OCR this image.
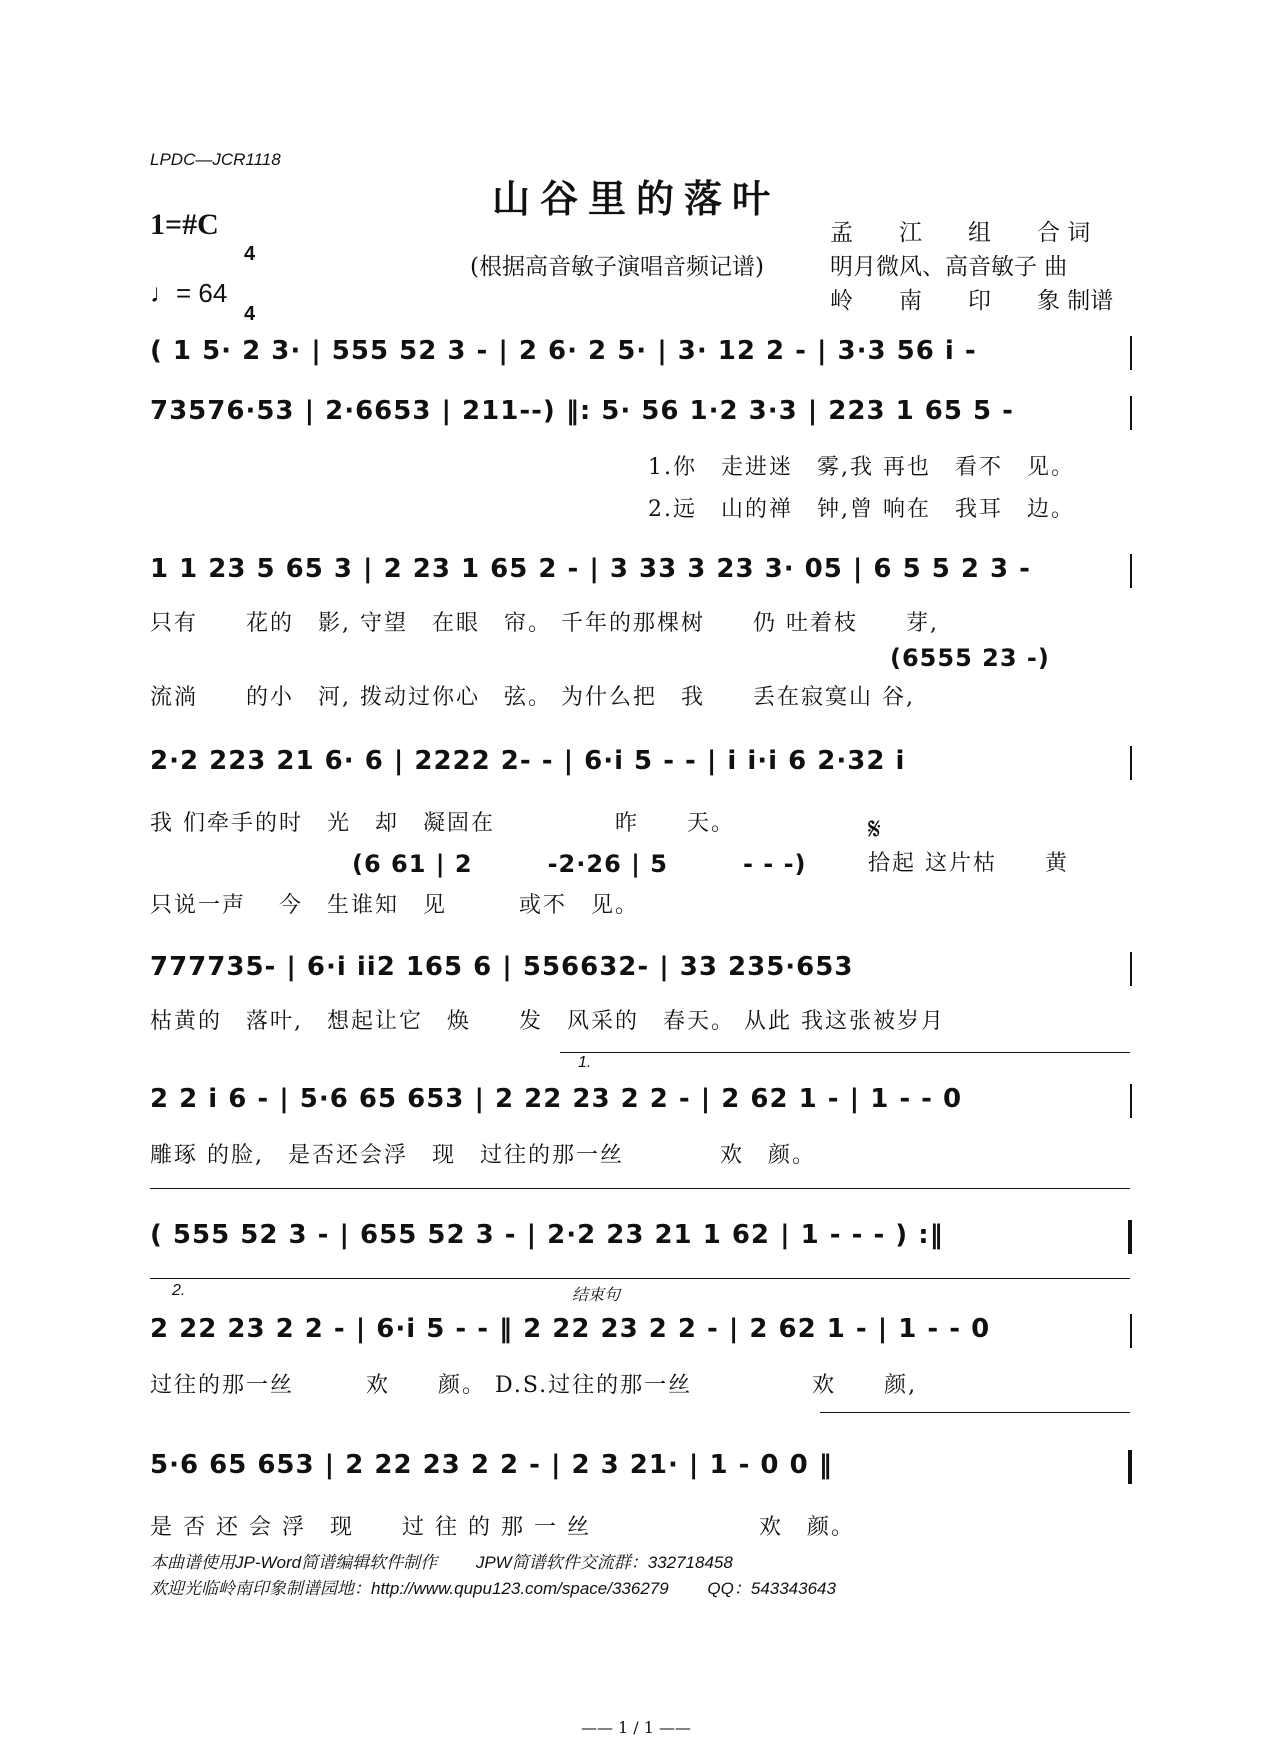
LPDC—JCR1118
山谷里的落叶
1=#C

4

4

♩= 64
孟　　江　　组　　合 词
(根据高音敏子演唱音频记谱)	明月微风、高音敏子 曲
岭　　南　　印　　象 制谱
( 1 5· 2 3· | 555 52 3 - | 2 6· 2 5· | 3· 12 2 - | 3·3 56 i -
73576·53 | 2·6653 | 211--) ‖: 5· 56 1·2 3·3 | 223 1 65 5 -
1.你　走进迷　雾,我 再也　看不　见。
2.远　山的禅　钟,曾 响在　我耳　边。
1 1 23 5 65 3 | 2 23 1 65 2 - | 3 33 3 23 3· 05 | 6 5 5 2 3 -
只有　　花的　影, 守望　在眼　帘。 千年的那棵树　　仍 吐着枝　　芽,
(6555 23 -)
流淌　　的小　河, 拨动过你心　弦。 为什么把　我　　丢在寂寞山 谷,
2·2 223 21 6· 6 | 2222 2- - | 6·i 5 - - | i i·i 6 2·32 i
我 们牵手的时　光　却　凝固在　　　　　昨　　天。
(6 61 | 2　　　-2·26 | 5　　　- - -)
只说一声　 今　生谁知　见　　　或不　见。
𝄋
拾起 这片枯　　黄
777735- | 6·i ii2 165 6 | 556632- | 33 235·653
枯黄的　落叶,　想起让它　焕　　发　风采的　春天。 从此 我这张被岁月
1.
2 2 i 6 - | 5·6 65 653 | 2 22 23 2 2 - | 2 62 1 - | 1 - - 0
雕琢 的脸,　是否还会浮　现　过往的那一丝　　　　欢　颜。
( 555 52 3 - | 655 52 3 - | 2·2 23 21 1 62 | 1 - - - ) :‖
2.	结束句
2 22 23 2 2 - | 6·i 5 - - ‖ 2 22 23 2 2 - | 2 62 1 - | 1 - - 0
过往的那一丝　　　欢　　颜。 D.S.过往的那一丝　　　　　欢　　颜,
5·6 65 653 | 2 22 23 2 2 - | 2 3 21· | 1 - 0 0 ‖
是 否 还 会 浮　现　　过 往 的 那 一 丝　　　　　　　欢　颜。
本曲谱使用JP-Word简谱编辑软件制作　　 JPW简谱软件交流群：332718458
欢迎光临岭南印象制谱园地：http://www.qupu123.com/space/336279　　 QQ：543343643
—— 1 / 1 ——
